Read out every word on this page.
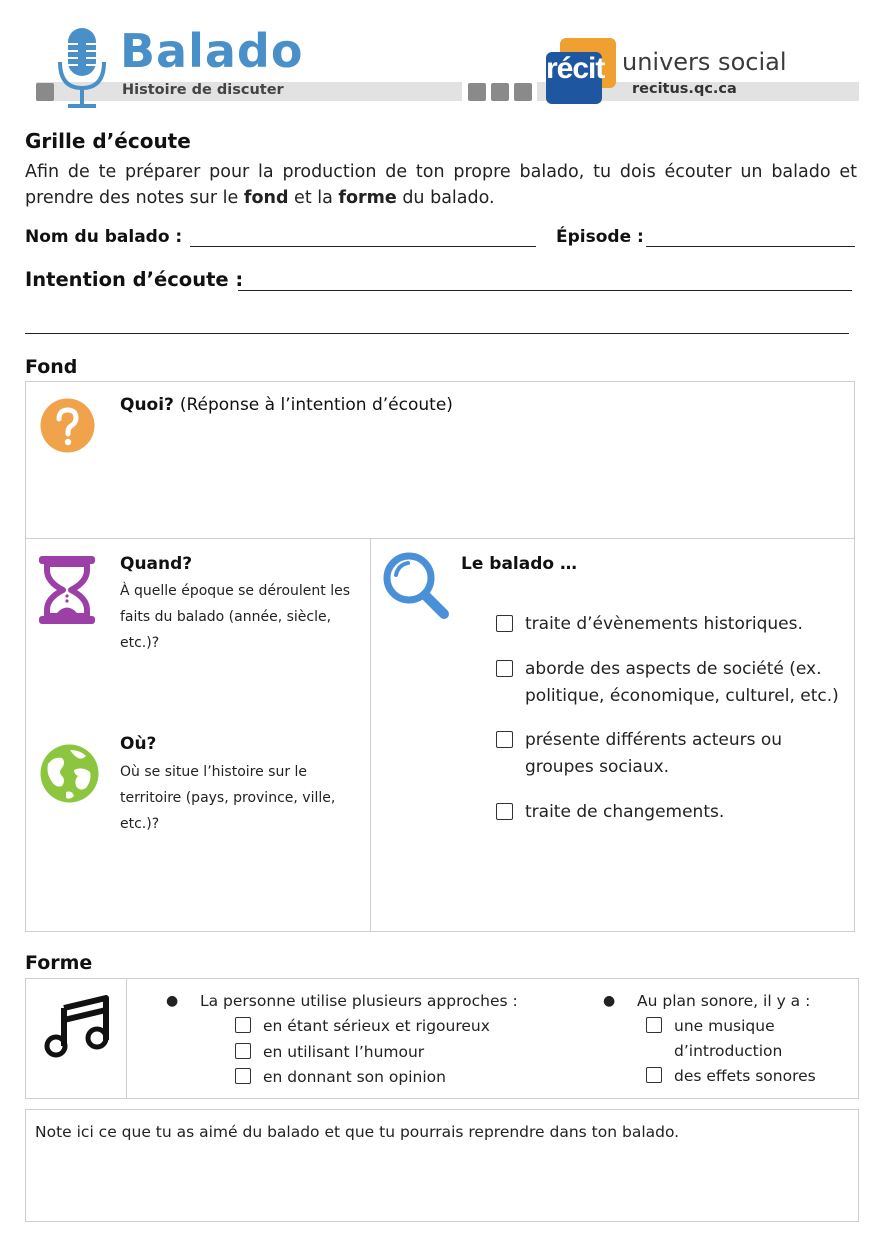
Balado
Histoire de discuter
récit univers social
recitus.qc.ca
Grille d’écoute
Afin de te préparer pour la production de ton propre balado, tu dois écouter un balado et prendre des notes sur le fond et la forme du balado.
Nom du balado :	Épisode :
Intention d’écoute :
Fond
Quoi? (Réponse à l’intention d’écoute)
Quand?
À quelle époque se déroulent les faits du balado (année, siècle, etc.)?
Où?
Où se situe l’histoire sur le territoire (pays, province, ville, etc.)?
Le balado …
traite d’évènements historiques.
aborde des aspects de société (ex. politique, économique, culturel, etc.)
présente différents acteurs ou groupes sociaux.
traite de changements.
Forme
●	La personne utilise plusieurs approches :
en étant sérieux et rigoureux
en utilisant l’humour
en donnant son opinion
●	Au plan sonore, il y a :
une musique d’introduction
des effets sonores
Note ici ce que tu as aimé du balado et que tu pourrais reprendre dans ton balado.
